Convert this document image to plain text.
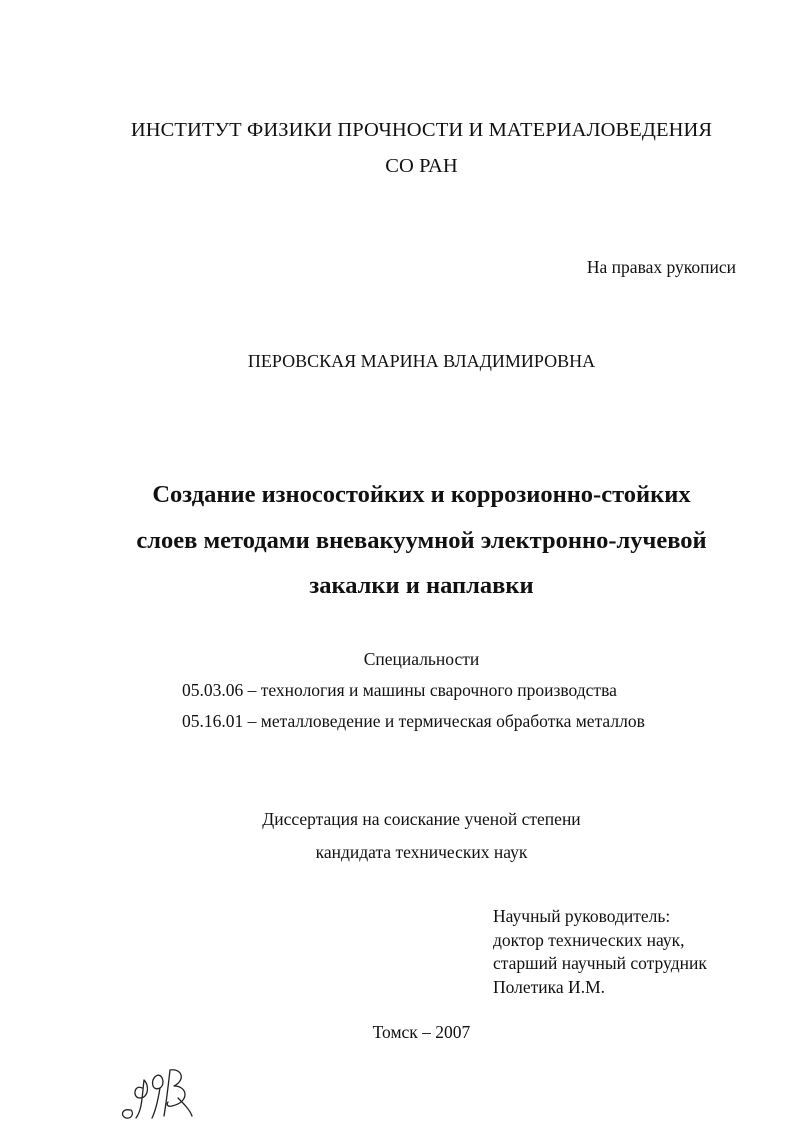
ИНСТИТУТ ФИЗИКИ ПРОЧНОСТИ И МАТЕРИАЛОВЕДЕНИЯ
СО РАН
На правах рукописи
ПЕРОВСКАЯ МАРИНА ВЛАДИМИРОВНА
Создание износостойких и коррозионно-стойких
слоев методами вневакуумной электронно-лучевой
закалки и наплавки
Специальности
05.03.06 – технология и машины сварочного производства
05.16.01 – металловедение и термическая обработка металлов
Диссертация на соискание ученой степени
кандидата технических наук
Научный руководитель:
доктор технических наук,
старший научный сотрудник
Полетика И.М.
Томск – 2007
